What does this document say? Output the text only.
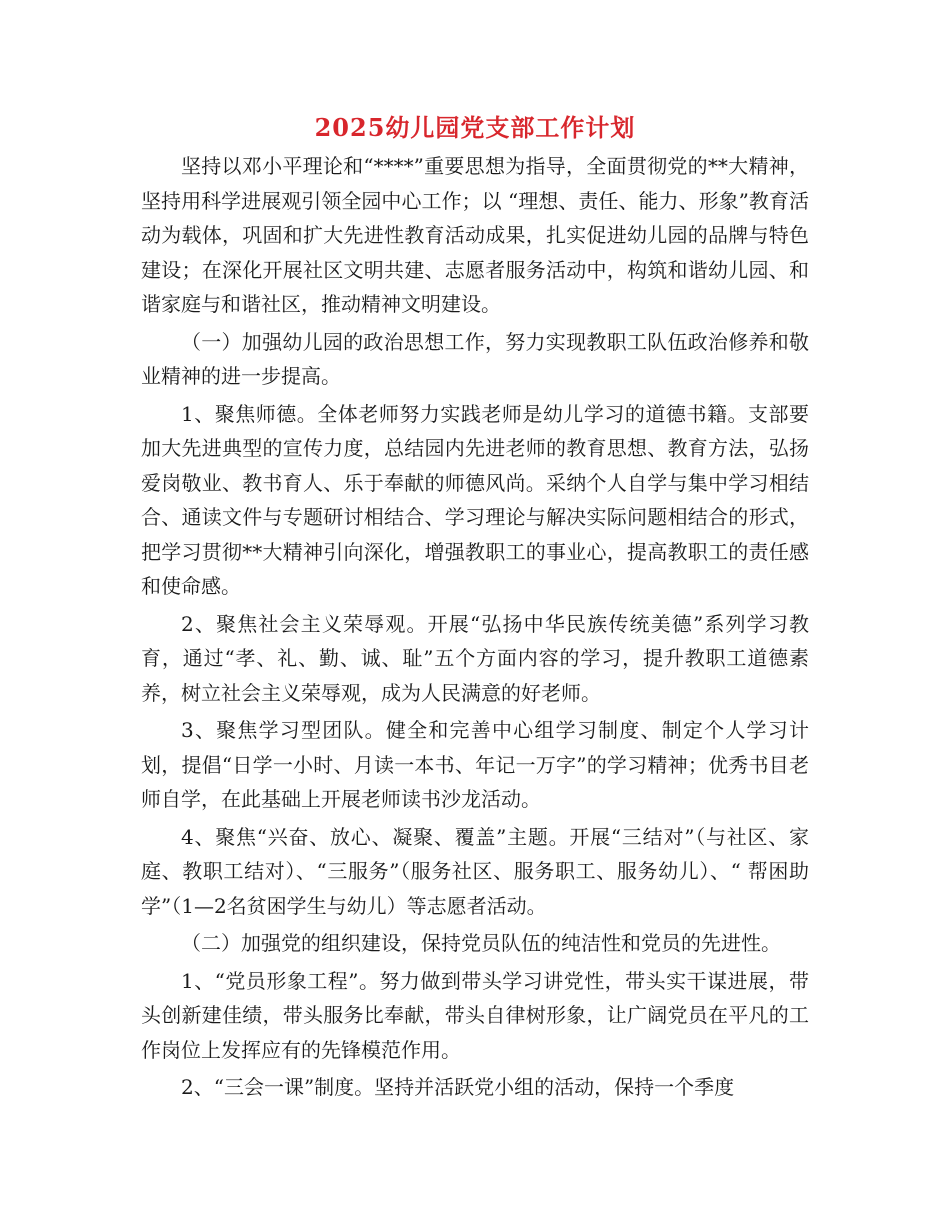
2025幼儿园党支部工作计划

坚持以邓小平理论和“****”重要思想为指导，全面贯彻党的**大精神，坚持用科学进展观引领全园中心工作；以 “理想、责任、能力、形象”教育活动为载体，巩固和扩大先进性教育活动成果，扎实促进幼儿园的品牌与特色建设；在深化开展社区文明共建、志愿者服务活动中，构筑和谐幼儿园、和谐家庭与和谐社区，推动精神文明建设。

（一）加强幼儿园的政治思想工作，努力实现教职工队伍政治修养和敬业精神的进一步提高。

1、聚焦师德。全体老师努力实践老师是幼儿学习的道德书籍。支部要加大先进典型的宣传力度，总结园内先进老师的教育思想、教育方法，弘扬爱岗敬业、教书育人、乐于奉献的师德风尚。采纳个人自学与集中学习相结合、通读文件与专题研讨相结合、学习理论与解决实际问题相结合的形式，把学习贯彻**大精神引向深化，增强教职工的事业心，提高教职工的责任感和使命感。

2、聚焦社会主义荣辱观。开展“弘扬中华民族传统美德”系列学习教育，通过“孝、礼、勤、诚、耻”五个方面内容的学习，提升教职工道德素养，树立社会主义荣辱观，成为人民满意的好老师。

3、聚焦学习型团队。健全和完善中心组学习制度、制定个人学习计划，提倡“日学一小时、月读一本书、年记一万字”的学习精神；优秀书目老师自学，在此基础上开展老师读书沙龙活动。

4、聚焦“兴奋、放心、凝聚、覆盖”主题。开展“三结对”（与社区、家庭、教职工结对）、“三服务”（服务社区、服务职工、服务幼儿）、“ 帮困助学”（1—2名贫困学生与幼儿）等志愿者活动。

（二）加强党的组织建设，保持党员队伍的纯洁性和党员的先进性。

1、“党员形象工程”。努力做到带头学习讲党性，带头实干谋进展，带头创新建佳绩，带头服务比奉献，带头自律树形象，让广阔党员在平凡的工作岗位上发挥应有的先锋模范作用。

2、“三会一课”制度。坚持并活跃党小组的活动，保持一个季度
